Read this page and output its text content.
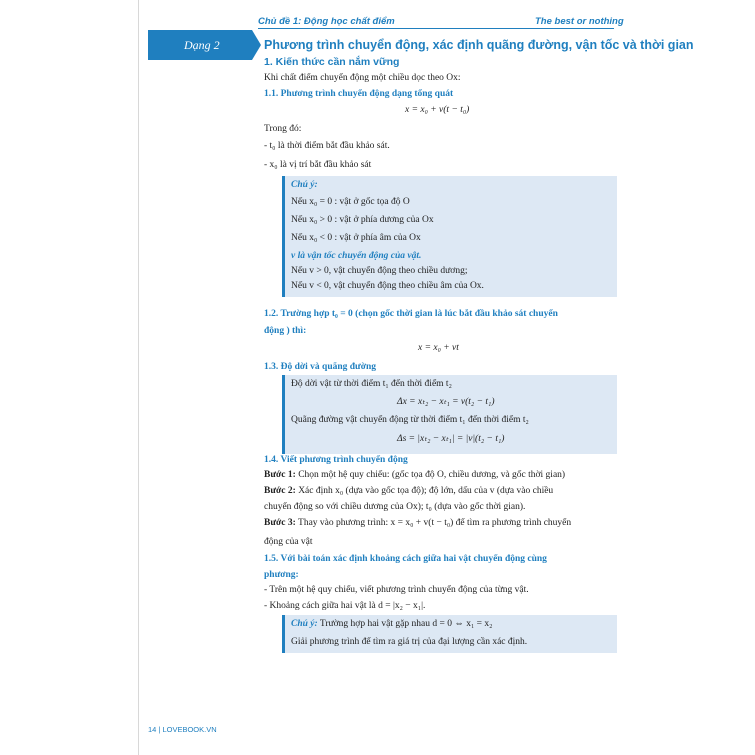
Chủ đề 1: Động học chất điểm	The best or nothing
Dạng 2	Phương trình chuyển động, xác định quãng đường, vận tốc và thời gian
1. Kiến thức cần nắm vững
Khi chất điểm chuyển động một chiều dọc theo Ox:
1.1. Phương trình chuyển động dạng tổng quát
x = x₀ + v(t − t₀)
Trong đó:
- t₀ là thời điểm bắt đầu khảo sát.
- x₀ là vị trí bắt đầu khảo sát
Chú ý:
Nếu x₀ = 0 : vật ở gốc tọa độ O
Nếu x₀ > 0 : vật ở phía dương của Ox
Nếu x₀ < 0 : vật ở phía âm của Ox
v là vận tốc chuyển động của vật.
Nếu v > 0, vật chuyển động theo chiều dương;
Nếu v < 0, vật chuyển động theo chiều âm của Ox.
1.2. Trường hợp t₀ = 0 (chọn gốc thời gian là lúc bắt đầu khảo sát chuyển
động ) thì:
x = x₀ + vt
1.3. Độ dời và quãng đường
Độ dời vật từ thời điểm t₁ đến thời điểm t₂
Δx = xₜ₂ − xₜ₁ = v(t₂ − t₁)
Quãng đường vật chuyển động từ thời điểm t₁ đến thời điểm t₂
Δs = |xₜ₂ − xₜ₁| = |v|(t₂ − t₁)
1.4. Viết phương trình chuyển động
Bước 1: Chọn một hệ quy chiếu: (gốc tọa độ O, chiều dương, và gốc thời gian)
Bước 2: Xác định x₀ (dựa vào gốc tọa độ); độ lớn, dấu của v (dựa vào chiều
chuyển động so với chiều dương của Ox); t₀ (dựa vào gốc thời gian).
Bước 3: Thay vào phương trình: x = x₀ + v(t − t₀) để tìm ra phương trình chuyển
động của vật
1.5. Với bài toán xác định khoảng cách giữa hai vật chuyển động cùng
phương:
- Trên một hệ quy chiếu, viết phương trình chuyển động của từng vật.
- Khoảng cách giữa hai vật là d = |x₂ − x₁|.
Chú ý: Trường hợp hai vật gặp nhau d = 0 ⇔ x₁ = x₂
Giải phương trình để tìm ra giá trị của đại lượng cần xác định.
14 | LOVEBOOK.VN
